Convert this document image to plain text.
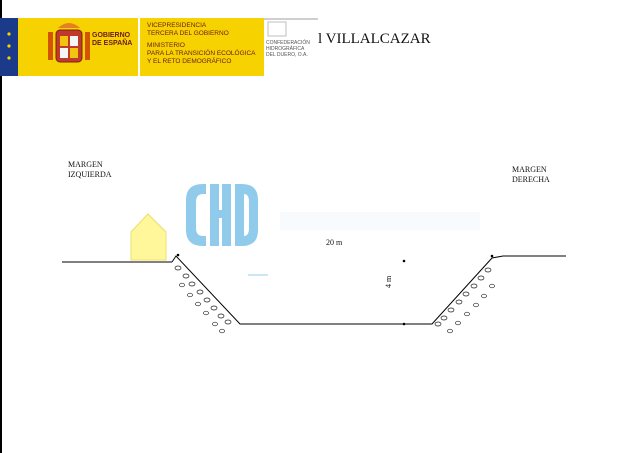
GOBIERNO
DE ESPAÑA
VICEPRESIDENCIA
TERCERA DEL GOBIERNO
MINISTERIO
PARA LA TRANSICIÓN ECOLÓGICA
Y EL RETO DEMOGRÁFICO
CONFEDERACIÓN
HIDROGRÁFICA
DEL DUERO, O.A.
l VILLALCAZAR
MARGEN
IZQUIERDA
MARGEN
DERECHA
20 m
4 m
